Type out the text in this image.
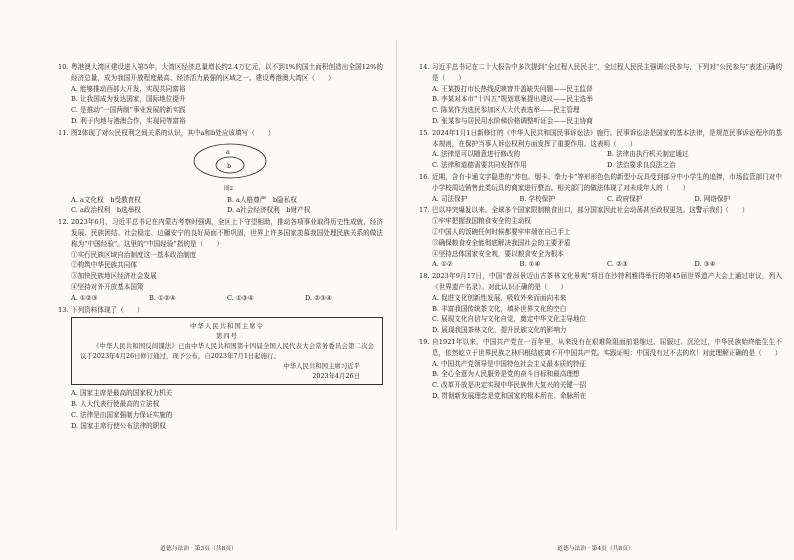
10. 粤港澳大湾区建设进入第5年，大湾区经济总量增长约2.4万亿元，以不到1%的国土面积创造出全国12%的经济总量，成为我国开放程度最高、经济活力最强的区域之一。建设粤港澳大湾区（　　）
A. 能够推动西部大开发，实现共同富裕
B. 让我国成为发达国家，国际地位提升
C. 是推动“一国两制”事业发展的新实践
D. 利于内地与港澳合作，实现同等富裕
11. 图2体现了对公民权利之间关系的认识，其中a和b处应该填写（　　）
a
b
图2
A. a文化权　b受教育权	B. a人格尊严　b隐私权
C. a政治权利　b选举权	D. a社会经济权利　b财产权
12. 2023年6月，习近平总书记在内蒙古考察时强调，全区上下守望相助，推动各项事业取得历史性成就，经济发展、民族团结、社会稳定、边疆安宁的良好局面不断巩固，世界上许多国家羡慕我国处理民族关系的做法称为“中国经验”。这里的“中国经验”指的是（　　）
①实行民族区域自治制度这一基本政治制度
②构筑中华民族共同体
③加快民族地区经济社会发展
④坚持对外开放基本国策
A. ①②③	B. ①②④	C. ①③④	D. ②③④
13. 下列资料体现了（　　）
中华人民共和国主席令
第四号
《中华人民共和国反间谍法》已由中华人民共和国第十四届全国人民代表大会常务委员会第二次会议于2023年4月26日修订通过，现予公布，自2023年7月1日起施行。
中华人民共和国主席习近平
2023年4月26日
A. 国家主席是最高的国家权力机关
B. 人大代表行使最高的立法权
C. 法律是由国家强制力保证实施的
D. 国家主席行使公布法律的职权
道德与法治 · 第3页（共8页）
14. 习近平总书记在二十大报告中多次提到“全过程人民民主”，全过程人民民主强调公民参与，下列对“公民参与”表述正确的是（　　）
A. 王某拨打市长热线反映窨井盖缺失问题——民主监督
B. 李某对本市“十四五”规划草案提出建议——民主选举
C. 陈某作为选民参加区人大代表选举——民主管理
D. 张某参与居民用水阶梯价格调整听证会——民主协商
15. 2024年1月1日新修订的《中华人民共和国民事诉讼法》施行。民事诉讼法是国家的基本法律，是规范民事诉讼程序的基本规则，在保护当事人诉讼权利方面发挥了重要作用。这表明（　　）
A. 法律是可以随意进行修改的	B. 法律由执行机关制定通过
C. 法律和道德需要共同发挥作用	D. 法治要求良良法之治
16. 近期，含有卡通文字隐患的“炸包、烟卡、拳力卡”等形形色色的新型小玩具受到部分中小学生的追捧，市场监管部门对中小学校周边销售此类玩具的商家进行整治。相关部门的做法体现了对未成年人的（　　）
A. 司法保护	B. 学校保护	C. 政府保护	D. 网络保护
17. 巴以冲突爆发以来，全球多个国家限制粮食出口，部分国家因此社会动荡甚至政权更迭。这警示我们（　　）
①牢牢把握我国粮食安全的主动权
②中国人的饭碗任何时候都要牢牢端在自己手上
③确保粮食安全能彻底解决我国社会的主要矛盾
④坚持总体国家安全观，要以粮食安全为根本
A. ①②	B. ①④	C. ②③	D. ③④
18. 2023年9月17日，中国“普洱景迈山古茶林文化景观”项目在沙特利雅得举行的第45届世界遗产大会上通过审议，列入《世界遗产名录》。对此认识正确的是（　　）
A. 促进文化创新性发展，吸收外来而面向未来
B. 丰富我国传统茶文化，填补世界文化的空白
C. 展现文化自信与文化自觉，奠定中华文化主导地位
D. 展现我国茶林文化，提升民族文化的影响力
19. 自1921年以来，中国共产党在一百年里，从来没有在艰难险阻面前退缩过、屈服过、沉沦过，中华民族始终能生生不息，依然屹立于世界民族之林归根结底离不开中国共产党。实践证明：中国没有过不去的坎！对此理解正确的是（　　）
A. 中国共产党领导是中国特色社会主义最本质的特征
B. 全心全意为人民服务是党的奋斗目标和最高理想
C. 改革开放是决定实现中华民族伟大复兴的关键一招
D. 贯彻新发展理念是党和国家的根本所在、命脉所在
道德与法治 · 第4页（共8页）
